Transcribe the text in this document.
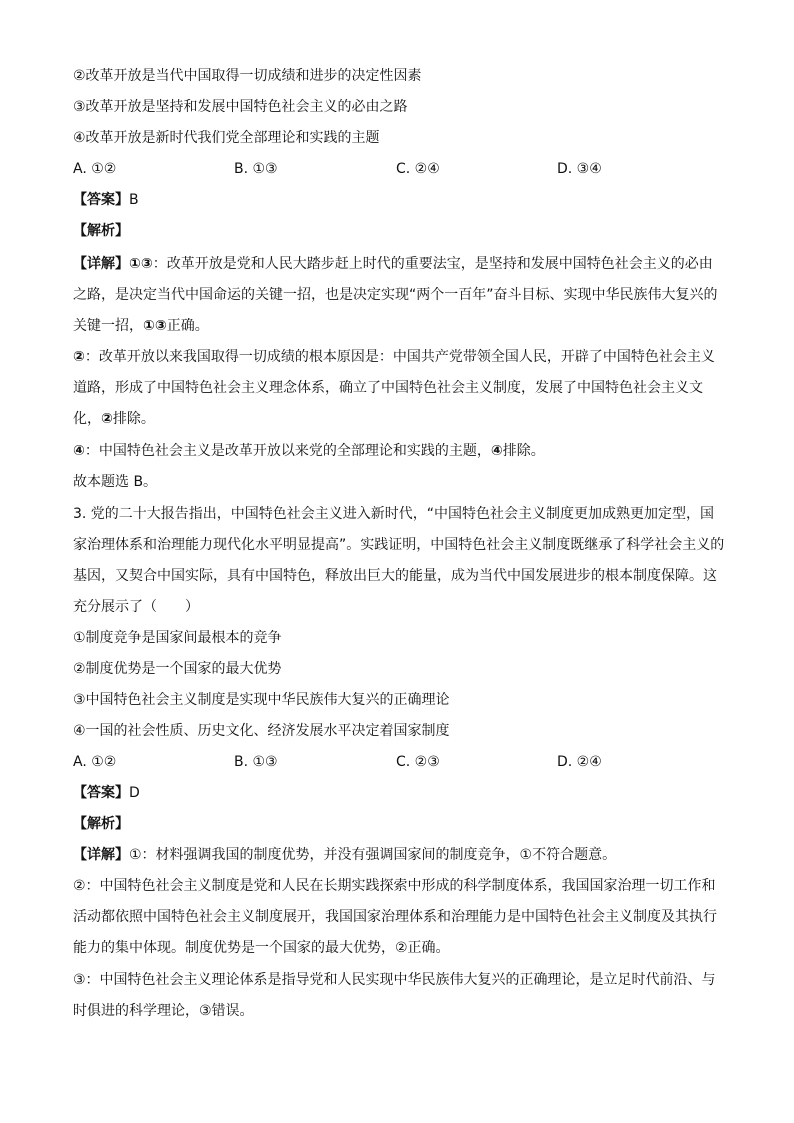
②改革开放是当代中国取得一切成绩和进步的决定性因素
③改革开放是坚持和发展中国特色社会主义的必由之路
④改革开放是新时代我们党全部理论和实践的主题
A. ①②	B. ①③	C. ②④	D. ③④
【答案】B
【解析】
【详解】①③：改革开放是党和人民大踏步赶上时代的重要法宝，是坚持和发展中国特色社会主义的必由
之路，是决定当代中国命运的关键一招，也是决定实现“两个一百年”奋斗目标、实现中华民族伟大复兴的
关键一招，①③正确。
②：改革开放以来我国取得一切成绩的根本原因是：中国共产党带领全国人民，开辟了中国特色社会主义
道路，形成了中国特色社会主义理念体系，确立了中国特色社会主义制度，发展了中国特色社会主义文
化，②排除。
④：中国特色社会主义是改革开放以来党的全部理论和实践的主题，④排除。
故本题选 B。
3. 党的二十大报告指出，中国特色社会主义进入新时代，“中国特色社会主义制度更加成熟更加定型，国
家治理体系和治理能力现代化水平明显提高”。实践证明，中国特色社会主义制度既继承了科学社会主义的
基因，又契合中国实际，具有中国特色，释放出巨大的能量，成为当代中国发展进步的根本制度保障。这
充分展示了（　　）
①制度竞争是国家间最根本的竞争
②制度优势是一个国家的最大优势
③中国特色社会主义制度是实现中华民族伟大复兴的正确理论
④一国的社会性质、历史文化、经济发展水平决定着国家制度
A. ①②	B. ①③	C. ②③	D. ②④
【答案】D
【解析】
【详解】①：材料强调我国的制度优势，并没有强调国家间的制度竞争，①不符合题意。
②：中国特色社会主义制度是党和人民在长期实践探索中形成的科学制度体系，我国国家治理一切工作和
活动都依照中国特色社会主义制度展开，我国国家治理体系和治理能力是中国特色社会主义制度及其执行
能力的集中体现。制度优势是一个国家的最大优势，②正确。
③：中国特色社会主义理论体系是指导党和人民实现中华民族伟大复兴的正确理论，是立足时代前沿、与
时俱进的科学理论，③错误。
